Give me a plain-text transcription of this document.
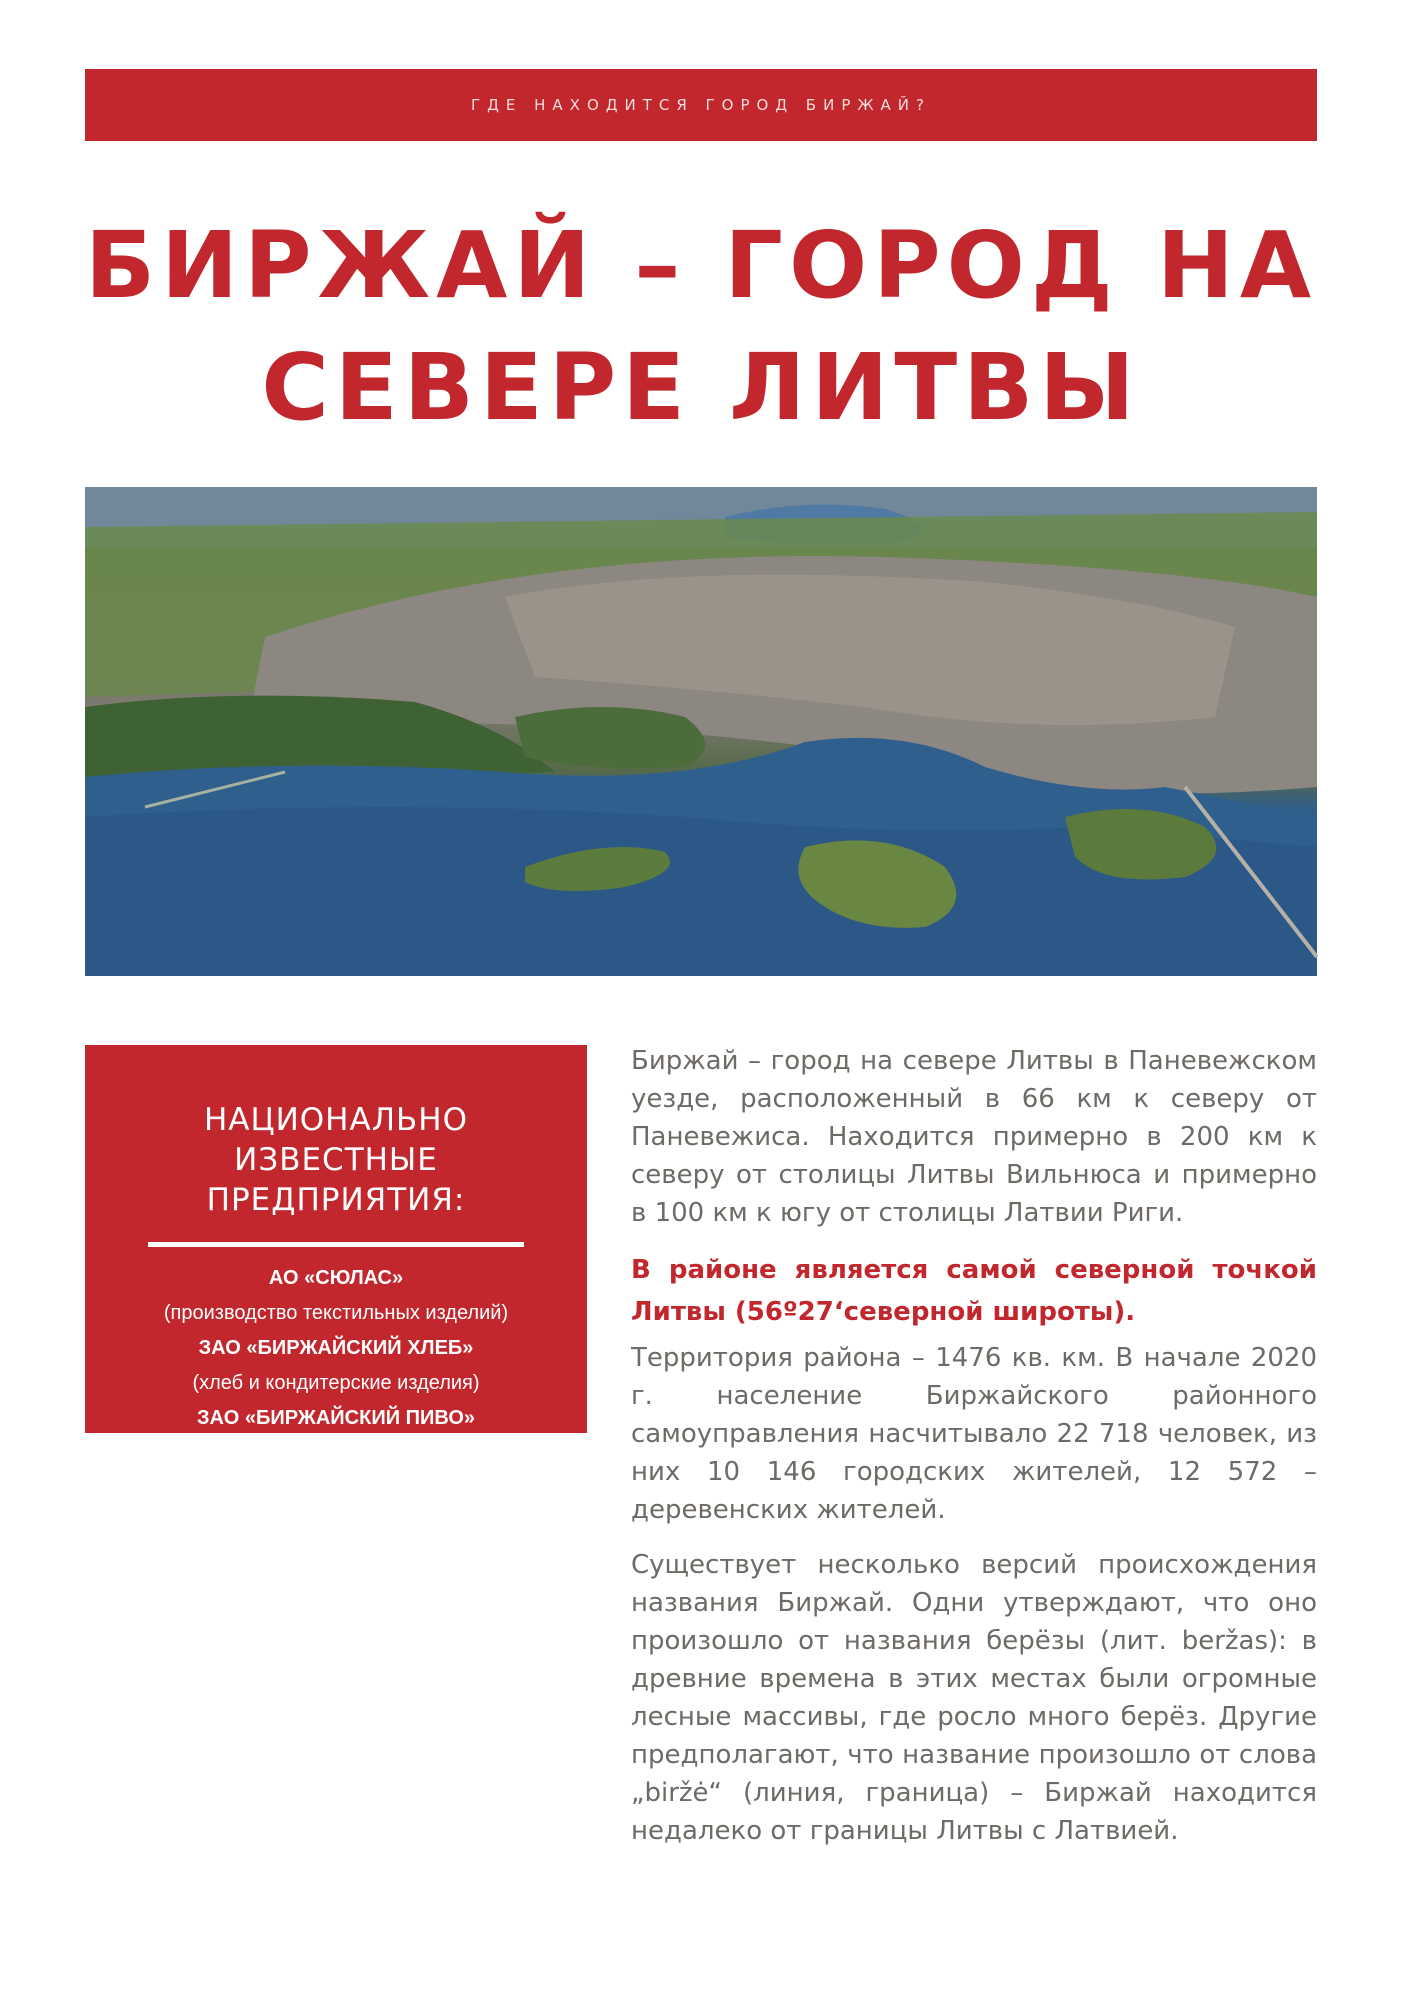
ГДЕ НАХОДИТСЯ ГОРОД БИРЖАЙ?
БИРЖАЙ – ГОРОД НА
СЕВЕРЕ ЛИТВЫ
НАЦИОНАЛЬНО
ИЗВЕСТНЫЕ
ПРЕДПРИЯТИЯ:
АО «СЮЛАС»
(производство текстильных изделий)
ЗАО «БИРЖАЙСКИЙ ХЛЕБ»
(хлеб и кондитерские изделия)
ЗАО «БИРЖАЙСКИЙ ПИВО»
(производство пива)
ДЕЙСТВИТЕЛЬНОЕ ХОЗЯЙСТВЕННОЕ СООБЩЕСТВО ЧИГАСА-КАЛКИСА «РИНКУШКЯЙ»
(производство пива)
ЗАО «ТИЛА»
(производство деревянных изделий)
ЗАО «АГАРАС»

Биржай – город на севере Литвы в Паневежском уезде, расположенный в 66 км к северу от Паневежиса. Находится примерно в 200 км к северу от столицы Литвы Вильнюса и примерно в 100 км к югу от столицы Латвии Риги.

В районе является самой северной точкой Литвы (56º27‘северной широты).

Территория района – 1476 кв. км. В начале 2020 г. население Биржайского районного самоуправления насчитывало 22 718 человек, из них 10 146 городских жителей, 12 572 – деревенских жителей.

Существует несколько версий происхождения названия Биржай. Одни утверждают, что оно произошло от названия берёзы (лит. beržas): в древние времена в этих местах были огромные лесные массивы, где росло много берёз. Другие предполагают, что название произошло от слова „biržė“ (линия, граница) – Биржай находится недалеко от границы Литвы с Латвией.
